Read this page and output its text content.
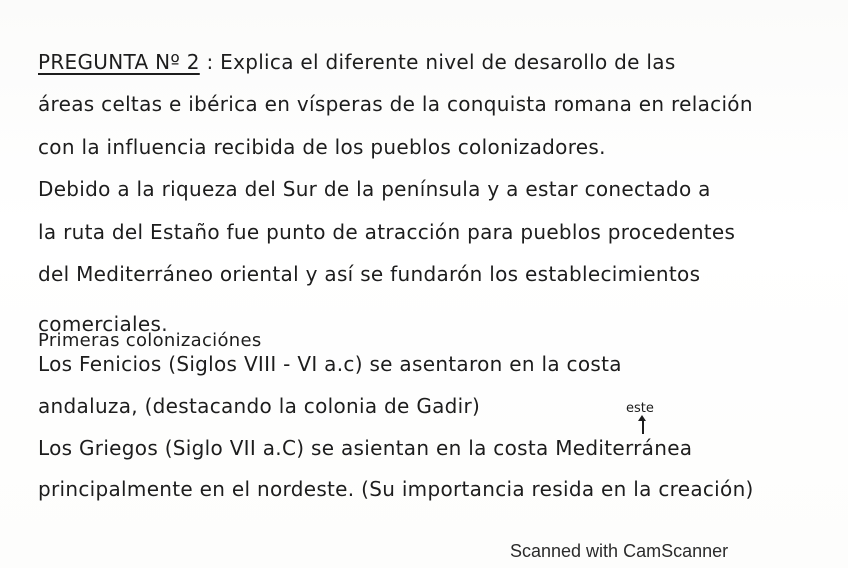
PREGUNTA Nº 2 : Explica el diferente nivel de desarollo de las
áreas celtas e ibérica en vísperas de la conquista romana en relación
con la influencia recibida de los pueblos colonizadores.
Debido a la riqueza del Sur de la península y a estar conectado a
la ruta del Estaño fue punto de atracción para pueblos procedentes
del Mediterráneo oriental y así se fundarón los establecimientos
comerciales.
Primeras colonizaciónes
Los Fenicios (Siglos VIII - VI a.c) se asentaron en la costa
andaluza, (destacando la colonia de Gadir)	este
Los Griegos (Siglo VII a.C) se asientan en la costa Mediterránea
principalmente en el nordeste. (Su importancia resida en la creación)
Scanned with CamScanner
